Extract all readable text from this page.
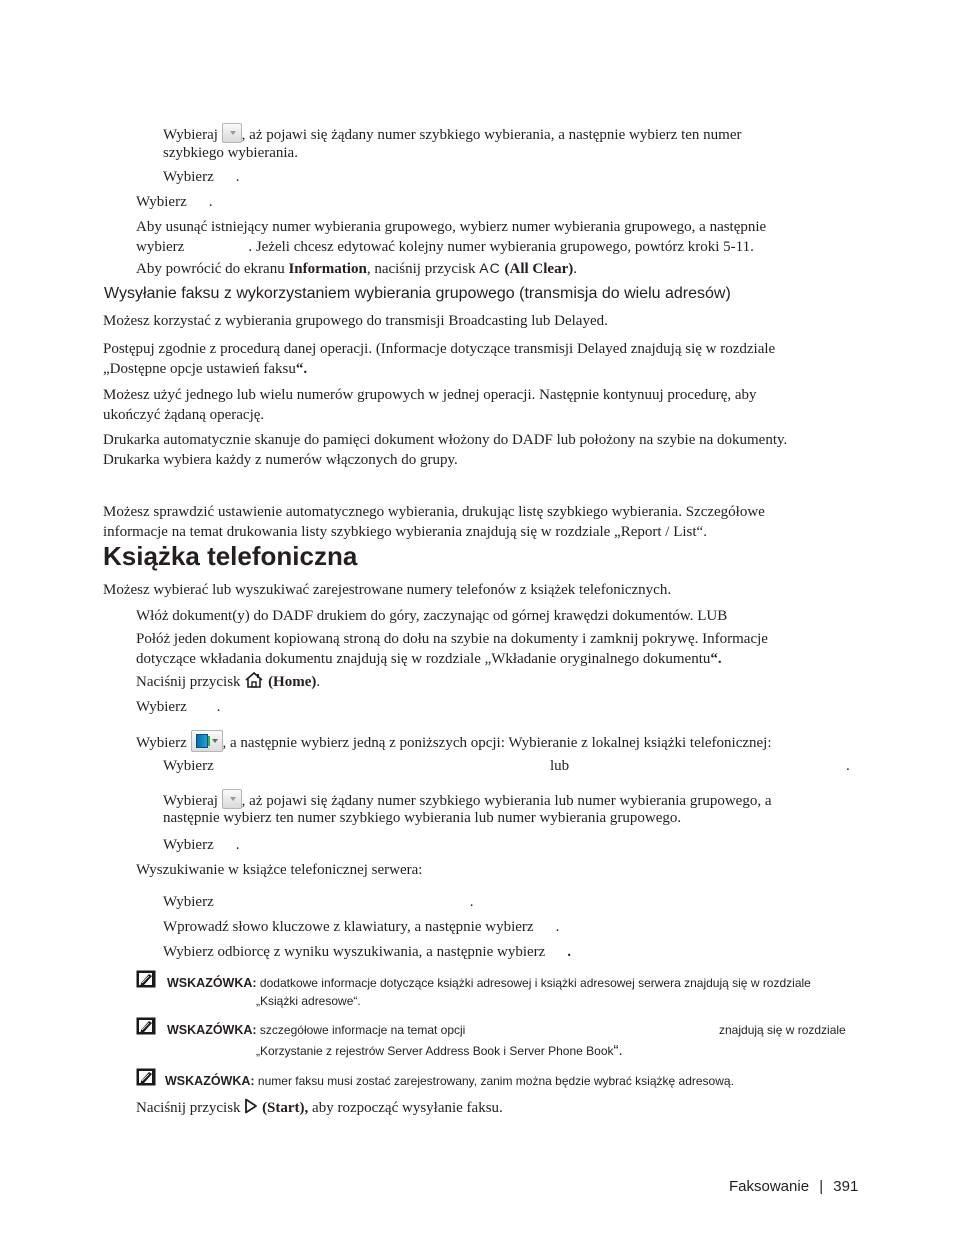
Wybieraj , aż pojawi się żądany numer szybkiego wybierania, a następnie wybierz ten numer

szybkiego wybierania.

Wybierz .

Wybierz .

Aby usunąć istniejący numer wybierania grupowego, wybierz numer wybierania grupowego, a następnie

wybierz	. Jeżeli chcesz edytować kolejny numer wybierania grupowego, powtórz kroki 5-11.

Aby powrócić do ekranu Information, naciśnij przycisk AC (All Clear).

Wysyłanie faksu z wykorzystaniem wybierania grupowego (transmisja do wielu adresów)

Możesz korzystać z wybierania grupowego do transmisji Broadcasting lub Delayed.

Postępuj zgodnie z procedurą danej operacji. (Informacje dotyczące transmisji Delayed znajdują się w rozdziale

„Dostępne opcje ustawień faksu“.

Możesz użyć jednego lub wielu numerów grupowych w jednej operacji. Następnie kontynuuj procedurę, aby

ukończyć żądaną operację.

Drukarka automatycznie skanuje do pamięci dokument włożony do DADF lub położony na szybie na dokumenty.

Drukarka wybiera każdy z numerów włączonych do grupy.

Możesz sprawdzić ustawienie automatycznego wybierania, drukując listę szybkiego wybierania. Szczegółowe

informacje na temat drukowania listy szybkiego wybierania znajdują się w rozdziale „Report / List“.

Książka telefoniczna

Możesz wybierać lub wyszukiwać zarejestrowane numery telefonów z książek telefonicznych.

Włóż dokument(y) do DADF drukiem do góry, zaczynając od górnej krawędzi dokumentów. LUB

Połóż jeden dokument kopiowaną stroną do dołu na szybie na dokumenty i zamknij pokrywę. Informacje

dotyczące wkładania dokumentu znajdują się w rozdziale „Wkładanie oryginalnego dokumentu“.

Naciśnij przycisk (Home).

Wybierz .

Wybierz , a następnie wybierz jedną z poniższych opcji: Wybieranie z lokalnej książki telefonicznej:

Wybierz	lub	.

Wybieraj , aż pojawi się żądany numer szybkiego wybierania lub numer wybierania grupowego, a

następnie wybierz ten numer szybkiego wybierania lub numer wybierania grupowego.

Wybierz .

Wyszukiwanie w książce telefonicznej serwera:

Wybierz	.

Wprowadź słowo kluczowe z klawiatury, a następnie wybierz .

Wybierz odbiorcę z wyniku wyszukiwania, a następnie wybierz .

WSKAZÓWKA: dodatkowe informacje dotyczące książki adresowej i książki adresowej serwera znajdują się w rozdziale

„Książki adresowe“.

WSKAZÓWKA: szczegółowe informacje na temat opcji	znajdują się w rozdziale

„Korzystanie z rejestrów Server Address Book i Server Phone Book“.

WSKAZÓWKA: numer faksu musi zostać zarejestrowany, zanim można będzie wybrać książkę adresową.

Naciśnij przycisk (Start), aby rozpocząć wysyłanie faksu.

Faksowanie | 391
